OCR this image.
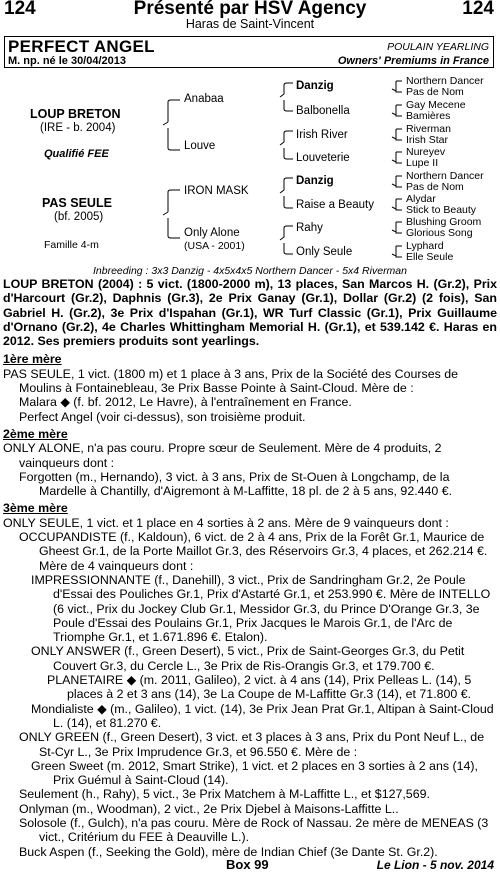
124	Présenté par HSV Agency	124
Haras de Saint-Vincent
PERFECT ANGEL	POULAIN YEARLING
M. np. né le 30/04/2013	Owners' Premiums in France
LOUP BRETON
(IRE - b. 2004)
Qualifié FEE
PAS SEULE
(bf. 2005)
Famille 4-m
Anabaa
Louve
IRON MASK
Only Alone
(USA - 2001)
Danzig
Balbonella
Irish River
Louveterie
Danzig
Raise a Beauty
Rahy
Only Seule
Northern Dancer
Pas de Nom
Gay Mecene
Bamières
Riverman
Irish Star
Nureyev
Lupe II
Northern Dancer
Pas de Nom
Alydar
Stick to Beauty
Blushing Groom
Glorious Song
Lyphard
Elle Seule
Inbreeding : 3x3 Danzig - 4x5x4x5 Northern Dancer - 5x4 Riverman

LOUP BRETON (2004) : 5 vict. (1800-2000 m), 13 places, San Marcos H. (Gr.2), Prix d'Harcourt (Gr.2), Daphnis (Gr.3), 2e Prix Ganay (Gr.1), Dollar (Gr.2) (2 fois), San Gabriel H. (Gr.2), 3e Prix d'Ispahan (Gr.1), WR Turf Classic (Gr.1), Prix Guillaume d'Ornano (Gr.2), 4e Charles Whittingham Memorial H. (Gr.1), et 539.142 €. Haras en 2012. Ses premiers produits sont yearlings.

1ère mère

PAS SEULE, 1 vict. (1800 m) et 1 place à 3 ans, Prix de la Société des Courses de Moulins à Fontainebleau, 3e Prix Basse Pointe à Saint-Cloud. Mère de :

Malara ◆ (f. bf. 2012, Le Havre), à l'entraînement en France.

Perfect Angel (voir ci-dessus), son troisième produit.

2ème mère

ONLY ALONE, n'a pas couru. Propre sœur de Seulement. Mère de 4 produits, 2 vainqueurs dont :

Forgotten (m., Hernando), 3 vict. à 3 ans, Prix de St-Ouen à Longchamp, de la Mardelle à Chantilly, d'Aigremont à M-Laffitte, 18 pl. de 2 à 5 ans, 92.440 €.

3ème mère

ONLY SEULE, 1 vict. et 1 place en 4 sorties à 2 ans. Mère de 9 vainqueurs dont :

OCCUPANDISTE (f., Kaldoun), 6 vict. de 2 à 4 ans, Prix de la Forêt Gr.1, Maurice de Gheest Gr.1, de la Porte Maillot Gr.3, des Réservoirs Gr.3, 4 places, et 262.214 €. Mère de 4 vainqueurs dont :

IMPRESSIONNANTE (f., Danehill), 3 vict., Prix de Sandringham Gr.2, 2e Poule d'Essai des Pouliches Gr.1, Prix d'Astarté Gr.1, et 253.990 €. Mère de INTELLO (6 vict., Prix du Jockey Club Gr.1, Messidor Gr.3, du Prince D'Orange Gr.3, 3e Poule d'Essai des Poulains Gr.1, Prix Jacques le Marois Gr.1, de l'Arc de Triomphe Gr.1, et 1.671.896 €. Etalon).

ONLY ANSWER (f., Green Desert), 5 vict., Prix de Saint-Georges Gr.3, du Petit Couvert Gr.3, du Cercle L., 3e Prix de Ris-Orangis Gr.3, et 179.700 €.

PLANETAIRE ◆ (m. 2011, Galileo), 2 vict. à 4 ans (14), Prix Pelleas L. (14), 5 places à 2 et 3 ans (14), 3e La Coupe de M-Laffitte Gr.3 (14), et 71.800 €.

Mondialiste ◆ (m., Galileo), 1 vict. (14), 3e Prix Jean Prat Gr.1, Altipan à Saint-Cloud L. (14), et 81.270 €.

ONLY GREEN (f., Green Desert), 3 vict. et 3 places à 3 ans, Prix du Pont Neuf L., de St-Cyr L., 3e Prix Imprudence Gr.3, et 96.550 €. Mère de :

Green Sweet (m. 2012, Smart Strike), 1 vict. et 2 places en 3 sorties à 2 ans (14), Prix Guémul à Saint-Cloud (14).

Seulement (h., Rahy), 5 vict., 3e Prix Matchem à M-Laffitte L., et $127,569.

Onlyman (m., Woodman), 2 vict., 2e Prix Djebel à Maisons-Laffitte L..

Solosole (f., Gulch), n'a pas couru. Mère de Rock of Nassau. 2e mère de MENEAS (3 vict., Critérium du FEE à Deauville L.).

Buck Aspen (f., Seeking the Gold), mère de Indian Chief (3e Dante St. Gr.2).

Box 99	Le Lion - 5 nov. 2014
